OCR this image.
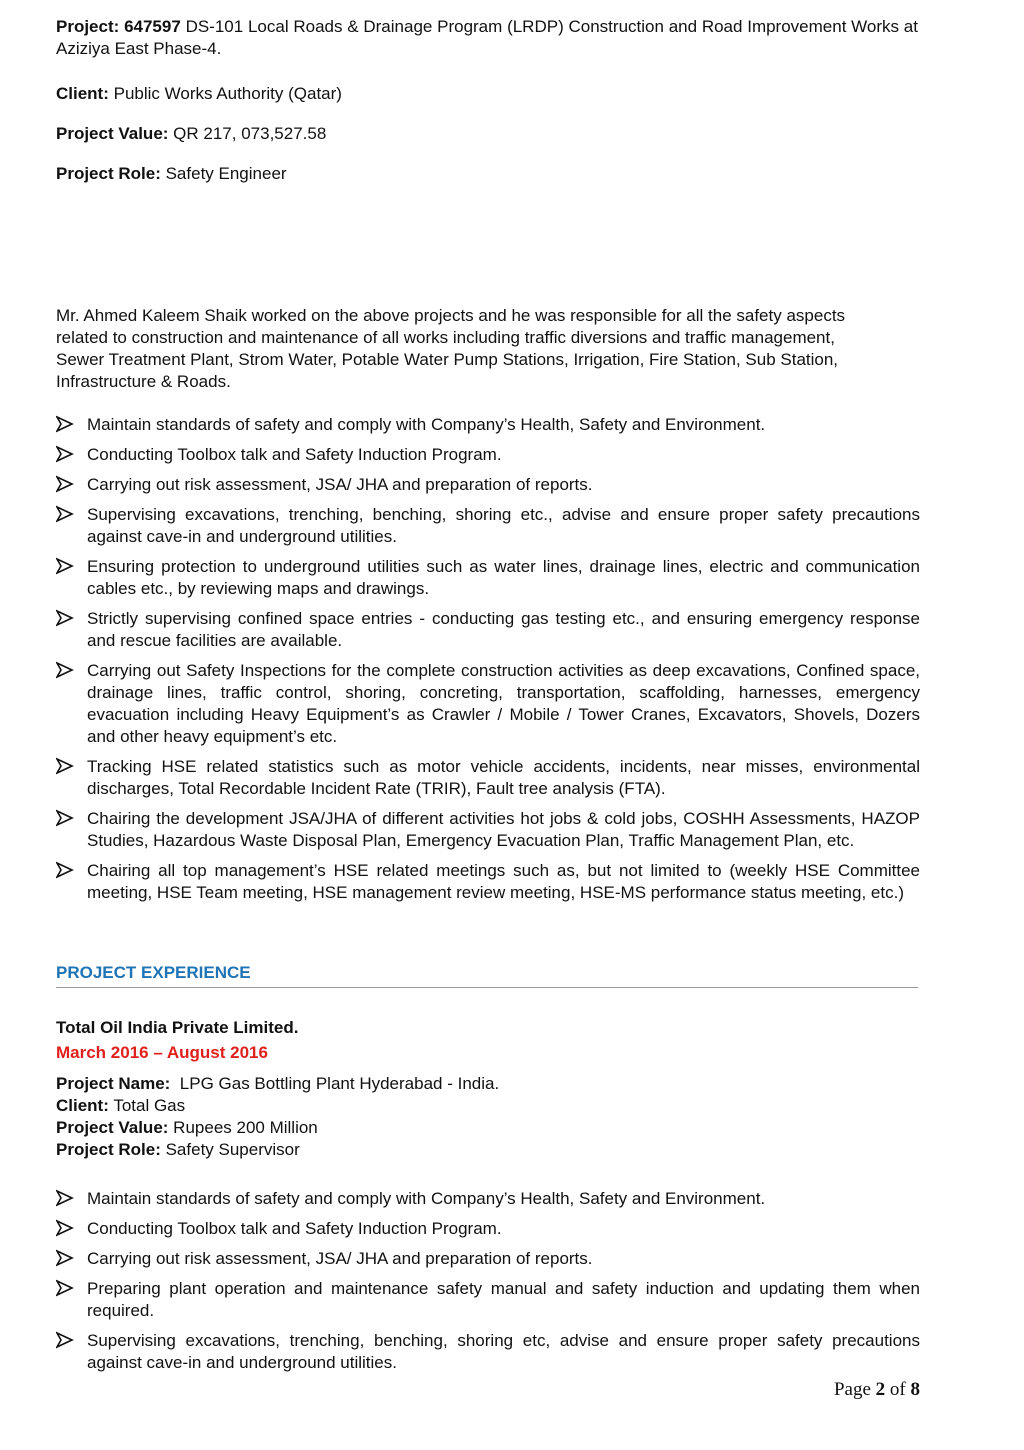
Project: 647597 DS-101 Local Roads & Drainage Program (LRDP) Construction and Road Improvement Works at Aziziya East Phase-4.
Client: Public Works Authority (Qatar)
Project Value: QR 217, 073,527.58
Project Role: Safety Engineer
Mr. Ahmed Kaleem Shaik worked on the above projects and he was responsible for all the safety aspects related to construction and maintenance of all works including traffic diversions and traffic management, Sewer Treatment Plant, Strom Water, Potable Water Pump Stations, Irrigation, Fire Station, Sub Station, Infrastructure & Roads.
Maintain standards of safety and comply with Company’s Health, Safety and Environment.
Conducting Toolbox talk and Safety Induction Program.
Carrying out risk assessment, JSA/ JHA and preparation of reports.
Supervising excavations, trenching, benching, shoring etc., advise and ensure proper safety precautions against cave-in and underground utilities.
Ensuring protection to underground utilities such as water lines, drainage lines, electric and communication cables etc., by reviewing maps and drawings.
Strictly supervising confined space entries - conducting gas testing etc., and ensuring emergency response and rescue facilities are available.
Carrying out Safety Inspections for the complete construction activities as deep excavations, Confined space, drainage lines, traffic control, shoring, concreting, transportation, scaffolding, harnesses, emergency evacuation including Heavy Equipment’s as Crawler / Mobile / Tower Cranes, Excavators, Shovels, Dozers and other heavy equipment’s etc.
Tracking HSE related statistics such as motor vehicle accidents, incidents, near misses, environmental discharges, Total Recordable Incident Rate (TRIR), Fault tree analysis (FTA).
Chairing the development JSA/JHA of different activities hot jobs & cold jobs, COSHH Assessments, HAZOP Studies, Hazardous Waste Disposal Plan, Emergency Evacuation Plan, Traffic Management Plan, etc.
Chairing all top management’s HSE related meetings such as, but not limited to (weekly HSE Committee meeting, HSE Team meeting, HSE management review meeting, HSE-MS performance status meeting, etc.)
PROJECT EXPERIENCE
Total Oil India Private Limited.
March 2016 – August 2016
Project Name: LPG Gas Bottling Plant Hyderabad - India.
Client: Total Gas
Project Value: Rupees 200 Million
Project Role: Safety Supervisor
Maintain standards of safety and comply with Company’s Health, Safety and Environment.
Conducting Toolbox talk and Safety Induction Program.
Carrying out risk assessment, JSA/ JHA and preparation of reports.
Preparing plant operation and maintenance safety manual and safety induction and updating them when required.
Supervising excavations, trenching, benching, shoring etc, advise and ensure proper safety precautions against cave-in and underground utilities.
Page 2 of 8
